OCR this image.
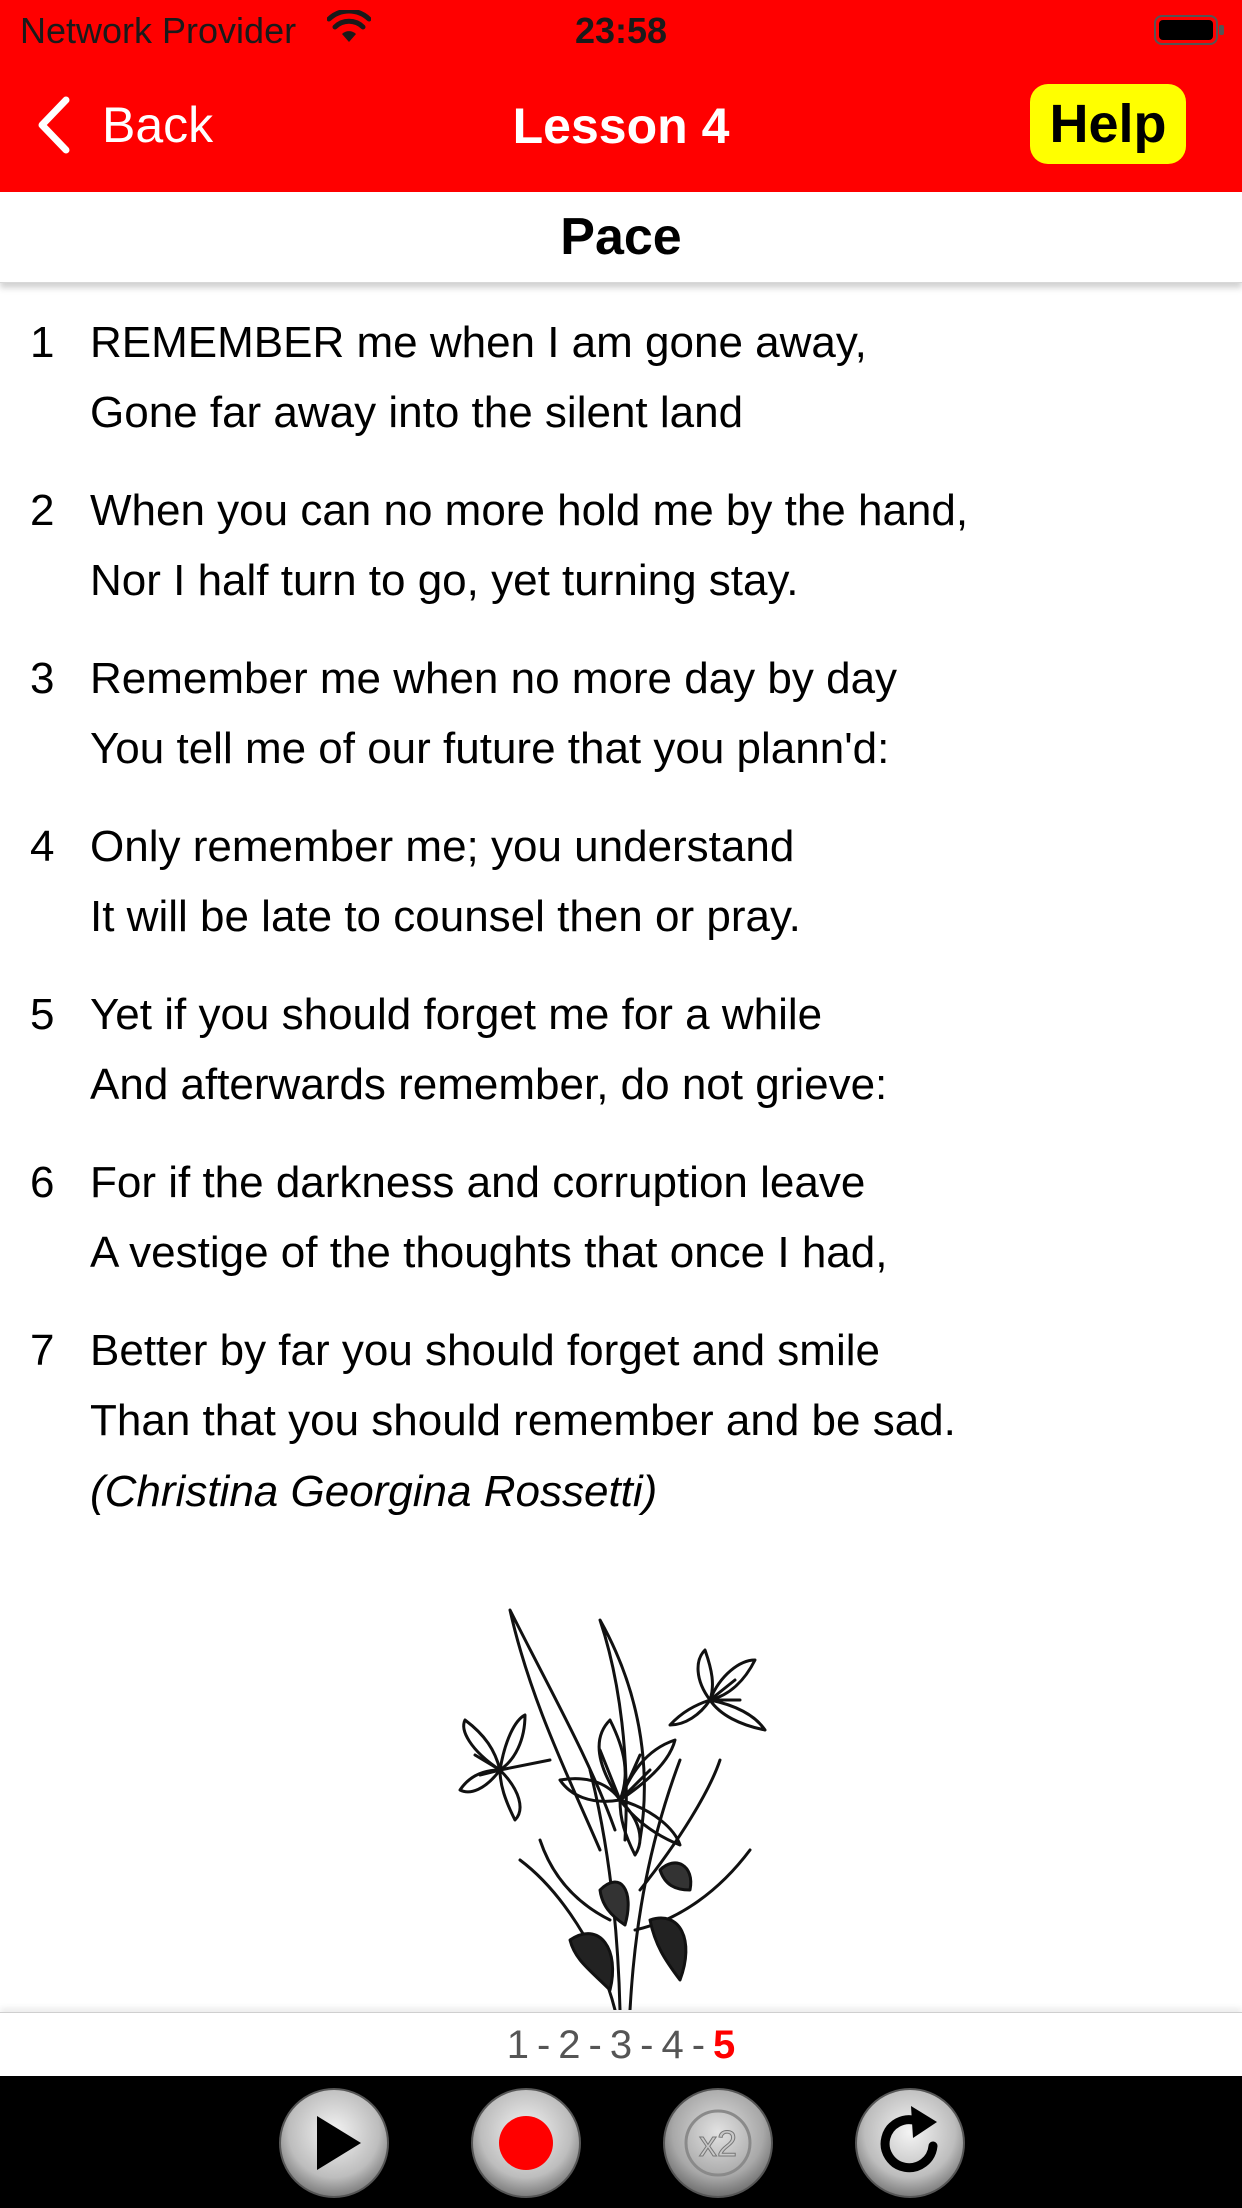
Network Provider	23:58
Back	Lesson 4	Help
Pace
1 REMEMBER me when I am gone away,
Gone far away into the silent land
2 When you can no more hold me by the hand,
Nor I half turn to go, yet turning stay.
3 Remember me when no more day by day
You tell me of our future that you plann'd:
4 Only remember me; you understand
It will be late to counsel then or pray.
5 Yet if you should forget me for a while
And afterwards remember, do not grieve:
6 For if the darkness and corruption leave
A vestige of the thoughts that once I had,
7 Better by far you should forget and smile
Than that you should remember and be sad.
(Christina Georgina Rossetti)
1 - 2 - 3 - 4 - 5
x2
